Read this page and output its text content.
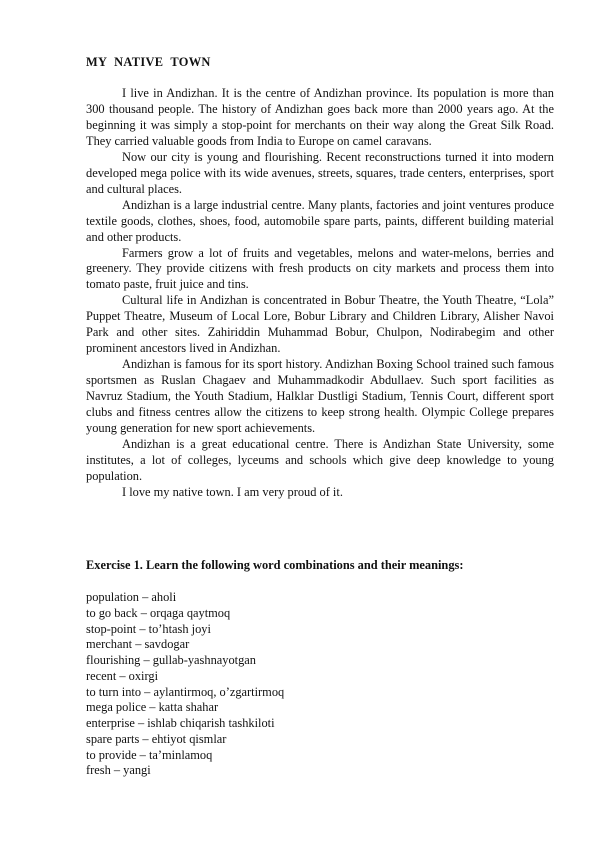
MY NATIVE TOWN

I live in Andizhan. It is the centre of Andizhan province. Its population is more than 300 thousand people. The history of Andizhan goes back more than 2000 years ago. At the beginning it was simply a stop-point for merchants on their way along the Great Silk Road. They carried valuable goods from India to Europe on camel caravans.

Now our city is young and flourishing. Recent reconstructions turned it into modern developed mega police with its wide avenues, streets, squares, trade centers, enterprises, sport and cultural places.

Andizhan is a large industrial centre. Many plants, factories and joint ventures produce textile goods, clothes, shoes, food, automobile spare parts, paints, different building material and other products.

Farmers grow a lot of fruits and vegetables, melons and water-melons, berries and greenery. They provide citizens with fresh products on city markets and process them into tomato paste, fruit juice and tins.

Cultural life in Andizhan is concentrated in Bobur Theatre, the Youth Theatre, “Lola” Puppet Theatre, Museum of Local Lore, Bobur Library and Children Library, Alisher Navoi Park and other sites. Zahiriddin Muhammad Bobur, Chulpon, Nodirabegim and other prominent ancestors lived in Andizhan.

Andizhan is famous for its sport history. Andizhan Boxing School trained such famous sportsmen as Ruslan Chagaev and Muhammadkodir Abdullaev. Such sport facilities as Navruz Stadium, the Youth Stadium, Halklar Dustligi Stadium, Tennis Court, different sport clubs and fitness centres allow the citizens to keep strong health. Olympic College prepares young generation for new sport achievements.

Andizhan is a great educational centre. There is Andizhan State University, some institutes, a lot of colleges, lyceums and schools which give deep knowledge to young population.

I love my native town. I am very proud of it.

Exercise 1. Learn the following word combinations and their meanings:
population – aholi
to go back – orqaga qaytmoq
stop-point – to’htash joyi
merchant – savdogar
flourishing – gullab-yashnayotgan
recent – oxirgi
to turn into – aylantirmoq, o’zgartirmoq
mega police – katta shahar
enterprise – ishlab chiqarish tashkiloti
spare parts – ehtiyot qismlar
to provide – ta’minlamoq
fresh – yangi
